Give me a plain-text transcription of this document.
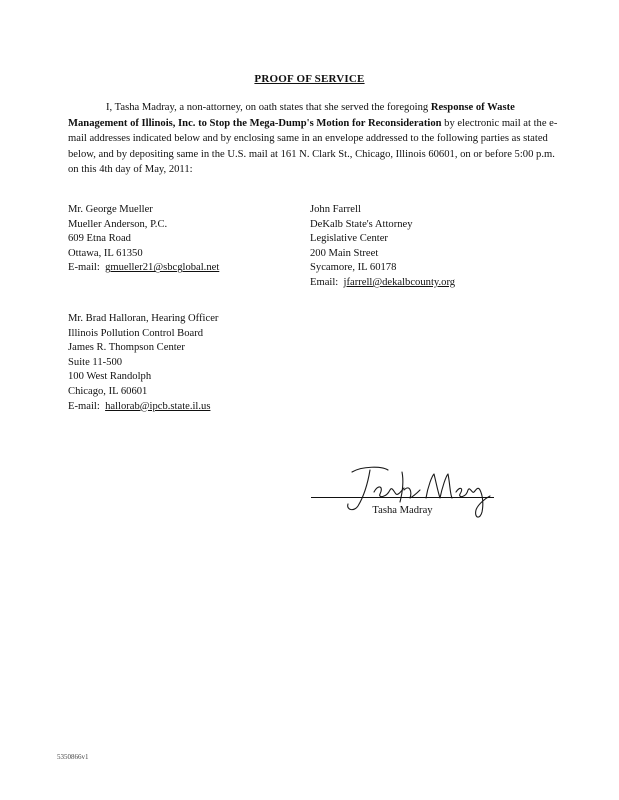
PROOF OF SERVICE

I, Tasha Madray, a non-attorney, on oath states that she served the foregoing Response of Waste Management of Illinois, Inc. to Stop the Mega-Dump's Motion for Reconsideration by electronic mail at the e-mail addresses indicated below and by enclosing same in an envelope addressed to the following parties as stated below, and by depositing same in the U.S. mail at 161 N. Clark St., Chicago, Illinois 60601, on or before 5:00 p.m. on this 4th day of May, 2011:

Mr. George Mueller
Mueller Anderson, P.C.
609 Etna Road
Ottawa, IL 61350
E-mail: gmueller21@sbcglobal.net
John Farrell
DeKalb State's Attorney
Legislative Center
200 Main Street
Sycamore, IL 60178
Email: jfarrell@dekalbcounty.org
Mr. Brad Halloran, Hearing Officer
Illinois Pollution Control Board
James R. Thompson Center
Suite 11-500
100 West Randolph
Chicago, IL 60601
E-mail: hallorab@ipcb.state.il.us
Tasha Madray
5350866v1
